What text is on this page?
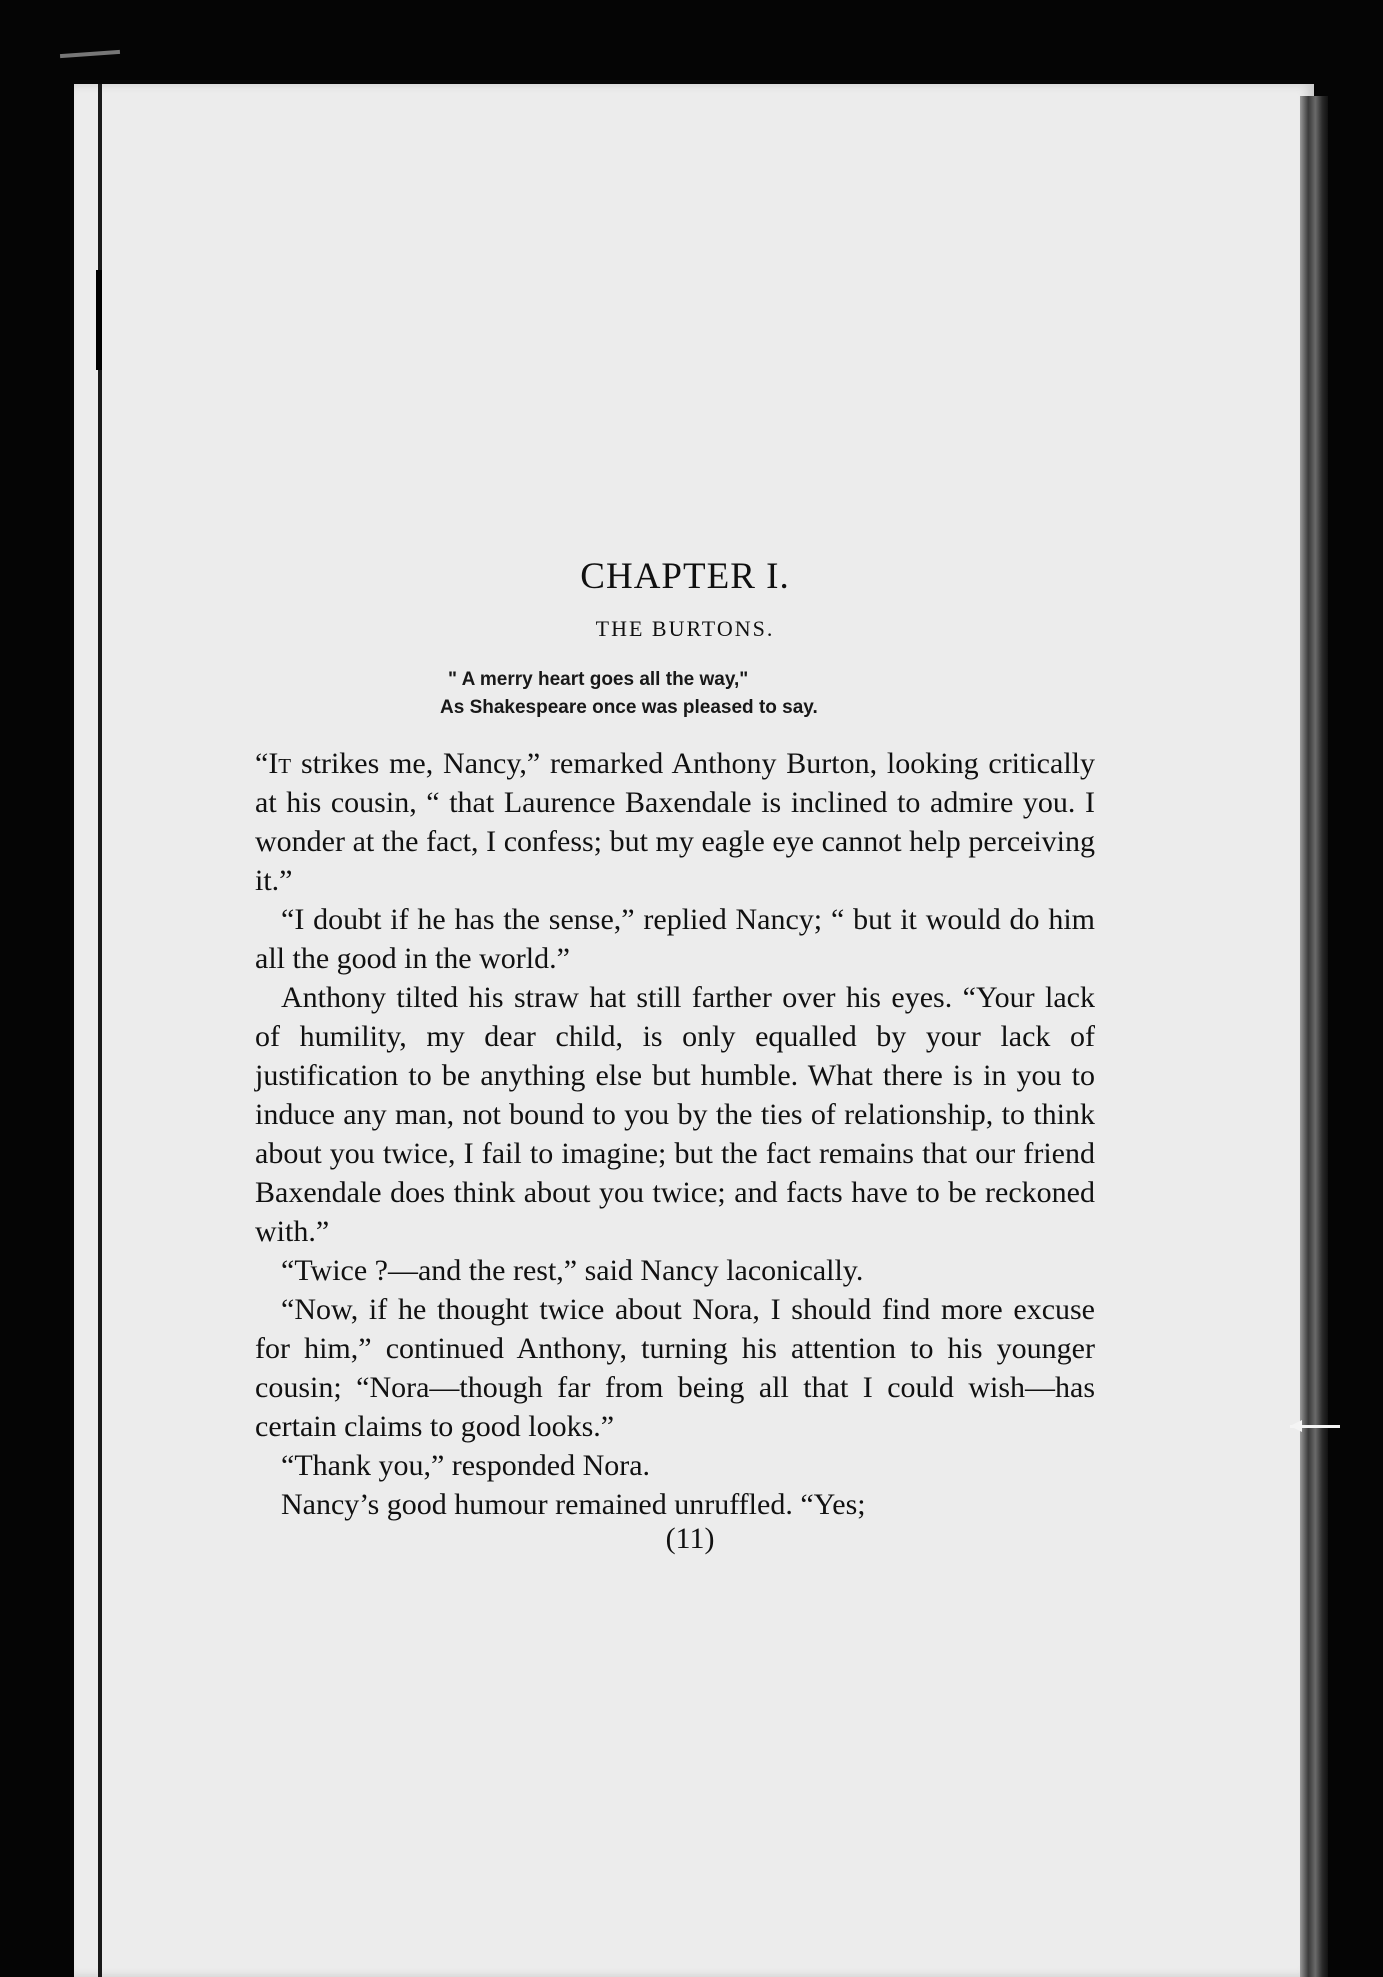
CHAPTER I.
THE BURTONS.
" A merry heart goes all the way,"
As Shakespeare once was pleased to say.

“It strikes me, Nancy,” remarked Anthony Burton, looking critically at his cousin, “ that Laurence Baxendale is inclined to admire you. I wonder at the fact, I confess; but my eagle eye cannot help perceiving it.”

“I doubt if he has the sense,” replied Nancy; “ but it would do him all the good in the world.”

Anthony tilted his straw hat still farther over his eyes. “Your lack of humility, my dear child, is only equalled by your lack of justification to be anything else but humble. What there is in you to induce any man, not bound to you by the ties of relationship, to think about you twice, I fail to imagine; but the fact remains that our friend Baxendale does think about you twice; and facts have to be reckoned with.”

“Twice ?—and the rest,” said Nancy laconically.

“Now, if he thought twice about Nora, I should find more excuse for him,” continued Anthony, turning his attention to his younger cousin; “Nora—though far from being all that I could wish—has certain claims to good looks.”

“Thank you,” responded Nora.

Nancy’s good humour remained unruffled. “Yes;

(11)
